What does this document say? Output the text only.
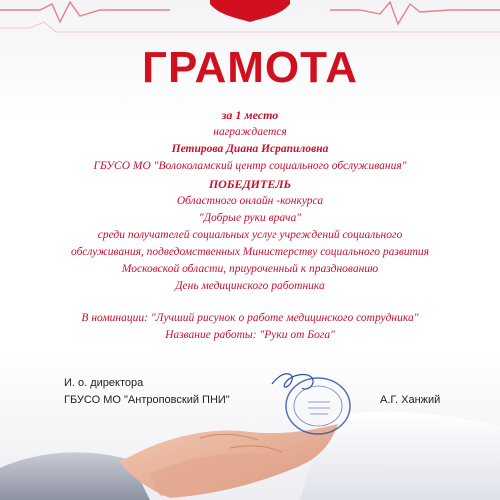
ГРАМОТА
за 1 место
награждается
Петирова Диана Исрапиловна
ГБУСО МО "Волоколамский центр социального обслуживания"
ПОБЕДИТЕЛЬ
Областного онлайн -конкурса
"Добрые руки врача"
среди получателей социальных услуг учреждений социального
обслуживания, подведомственных Министерству социального развития
Московской области, приуроченный к празднованию
День медицинского работника
В номинации: "Лучший рисунок о работе медицинского сотрудника"
Название работы: "Руки от Бога"
И. о. директора
ГБУСО МО "Антроповский ПНИ"	А.Г. Ханжий
